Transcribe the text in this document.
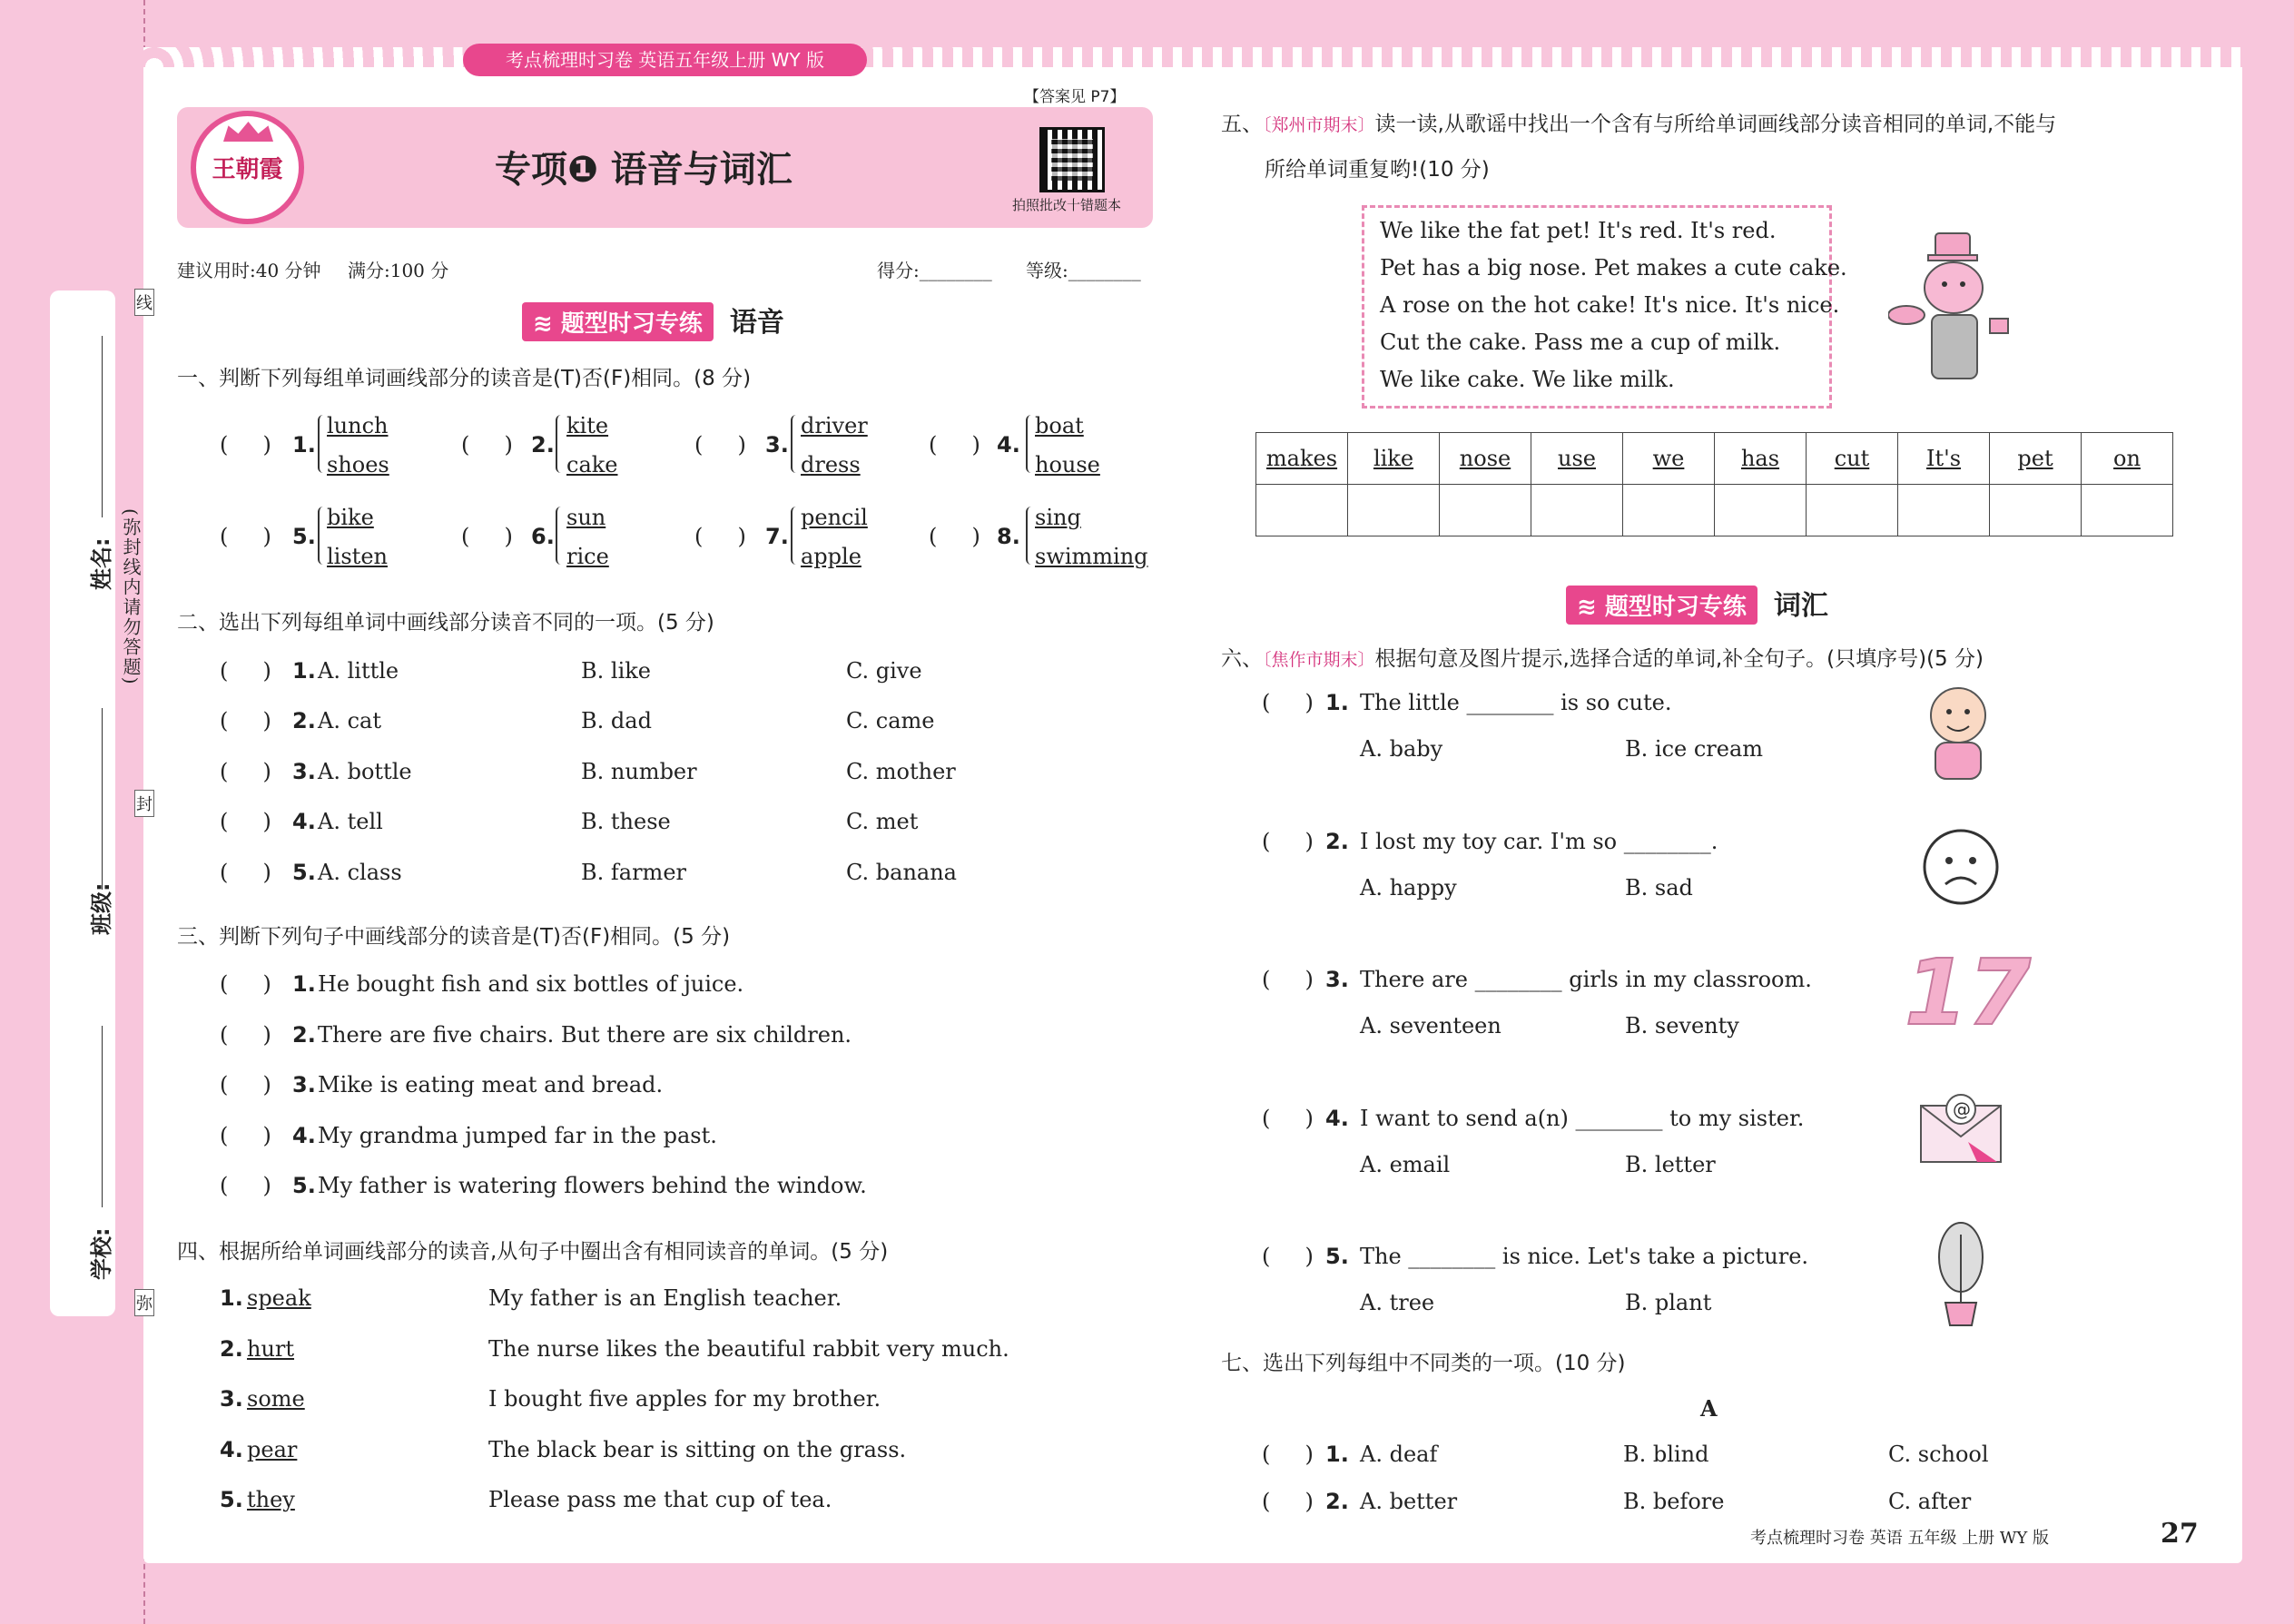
考点梳理时习卷 英语五年级上册 WY 版
姓名:
班级:
学校:
(弥封线内请勿答题)
线
封
弥
【答案见 P7】
王朝霞	专项❶ 语音与词汇
拍照批改十错题本
建议用时:40 分钟 满分:100 分	得分:________ 等级:________
≋ 题型时习专练 语音
一、判断下列每组单词画线部分的读音是(T)否(F)相同。(8 分)
(     ) 1.
lunch
shoes
(     ) 2.
kite
cake
(     ) 3.
driver
dress
(     ) 4.
boat
house
(     ) 5.
bike
listen
(     ) 6.
sun
rice
(     ) 7.
pencil
apple
(     ) 8.
sing
swimming
二、选出下列每组单词中画线部分读音不同的一项。(5 分)
(     ) 1. A. little	B. like	C. give
(     ) 2. A. cat	B. dad	C. came
(     ) 3. A. bottle	B. number	C. mother
(     ) 4. A. tell	B. these	C. met
(     ) 5. A. class	B. farmer	C. banana
三、判断下列句子中画线部分的读音是(T)否(F)相同。(5 分)
(     ) 1. He bought fish and six bottles of juice.
(     ) 2. There are five chairs. But there are six children.
(     ) 3. Mike is eating meat and bread.
(     ) 4. My grandma jumped far in the past.
(     ) 5. My father is watering flowers behind the window.
四、根据所给单词画线部分的读音,从句子中圈出含有相同读音的单词。(5 分)
1. speak	My father is an English teacher.
2. hurt	The nurse likes the beautiful rabbit very much.
3. some	I bought five apples for my brother.
4. pear	The black bear is sitting on the grass.
5. they	Please pass me that cup of tea.
五、〔郑州市期末〕读一读,从歌谣中找出一个含有与所给单词画线部分读音相同的单词,不能与
所给单词重复哟!(10 分)
We like the fat pet! It's red. It's red.
Pet has a big nose. Pet makes a cute cake.
A rose on the hot cake! It's nice. It's nice.
Cut the cake. Pass me a cup of milk.
We like cake. We like milk.
makes	like	nose	use	we	has	cut	It's	pet	on

≋ 题型时习专练 词汇
六、〔焦作市期末〕根据句意及图片提示,选择合适的单词,补全句子。(只填序号)(5 分)
(     ) 1. The little ________ is so cute.
A. baby	B. ice cream
(     ) 2. I lost my toy car. I'm so ________.
A. happy	B. sad
(     ) 3. There are ________ girls in my classroom.
A. seventeen	B. seventy
(     ) 4. I want to send a(n) ________ to my sister.
A. email	B. letter
(     ) 5. The ________ is nice. Let's take a picture.
A. tree	B. plant
17
@
七、选出下列每组中不同类的一项。(10 分)
A
(     ) 1. A. deaf	B. blind	C. school
(     ) 2. A. better	B. before	C. after
考点梳理时习卷 英语 五年级 上册 WY 版	27
